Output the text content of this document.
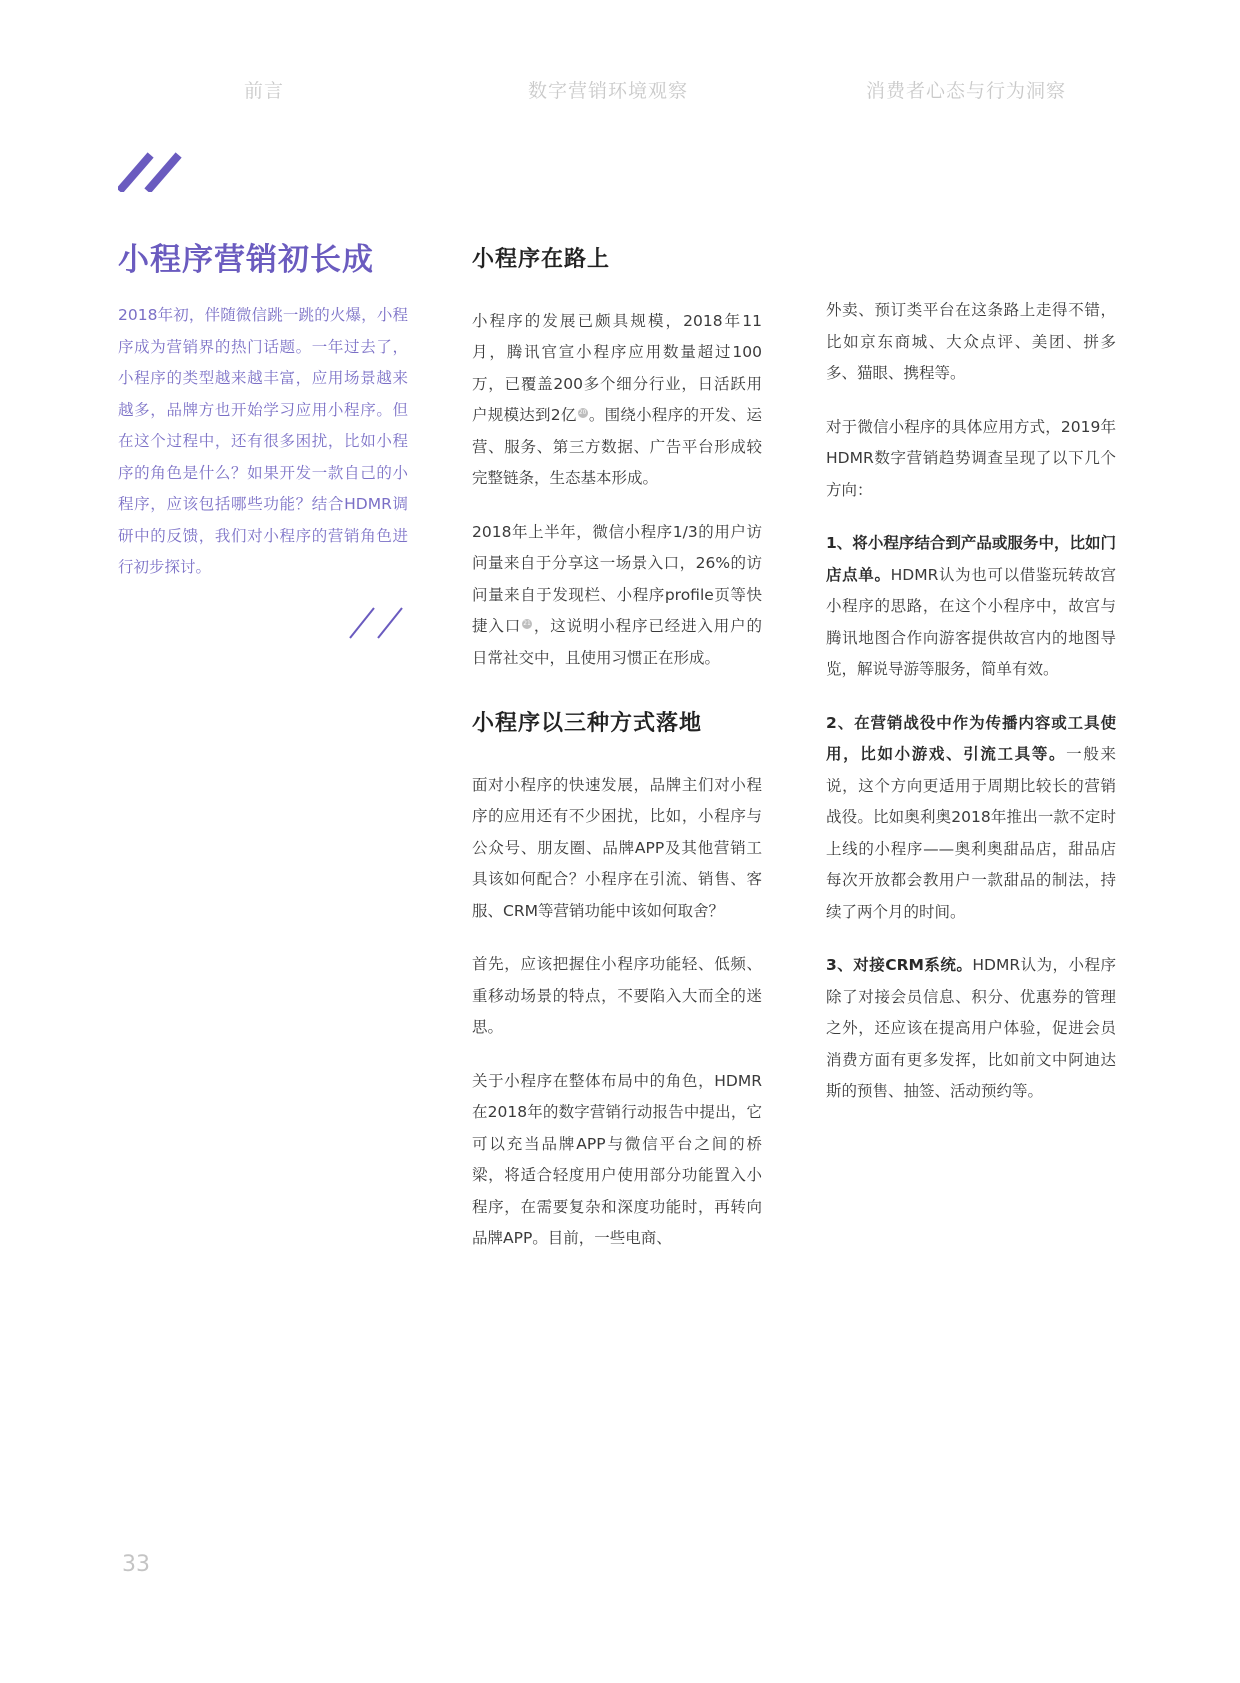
前言	数字营销环境观察	消费者心态与行为洞察
小程序营销初长成
2018年初，伴随微信跳一跳的火爆，小程序成为营销界的热门话题。一年过去了，小程序的类型越来越丰富，应用场景越来越多，品牌方也开始学习应用小程序。但在这个过程中，还有很多困扰，比如小程序的角色是什么？如果开发一款自己的小程序，应该包括哪些功能？结合HDMR调研中的反馈，我们对小程序的营销角色进行初步探讨。
小程序在路上

小程序的发展已颇具规模，2018年11月，腾讯官宣小程序应用数量超过100万，已覆盖200多个细分行业，日活跃用户规模达到2亿 20 。围绕小程序的开发、运营、服务、第三方数据、广告平台形成较完整链条，生态基本形成。

2018年上半年，微信小程序1/3的用户访问量来自于分享这一场景入口，26%的访问量来自于发现栏、小程序profile页等快捷入口 21 ，这说明小程序已经进入用户的日常社交中，且使用习惯正在形成。

小程序以三种方式落地

面对小程序的快速发展，品牌主们对小程序的应用还有不少困扰，比如，小程序与公众号、朋友圈、品牌APP及其他营销工具该如何配合？小程序在引流、销售、客服、CRM等营销功能中该如何取舍？

首先，应该把握住小程序功能轻、低频、重移动场景的特点，不要陷入大而全的迷思。

关于小程序在整体布局中的角色，HDMR在2018年的数字营销行动报告中提出，它可以充当品牌APP与微信平台之间的桥梁，将适合轻度用户使用部分功能置入小程序，在需要复杂和深度功能时，再转向品牌APP。目前，一些电商、

外卖、预订类平台在这条路上走得不错，比如京东商城、大众点评、美团、拼多多、猫眼、携程等。

对于微信小程序的具体应用方式，2019年HDMR数字营销趋势调查呈现了以下几个方向：

1、将小程序结合到产品或服务中，比如门店点单。HDMR认为也可以借鉴玩转故宫小程序的思路，在这个小程序中，故宫与腾讯地图合作向游客提供故宫内的地图导览，解说导游等服务，简单有效。

2、在营销战役中作为传播内容或工具使用，比如小游戏、引流工具等。一般来说，这个方向更适用于周期比较长的营销战役。比如奥利奥2018年推出一款不定时上线的小程序——奥利奥甜品店，甜品店每次开放都会教用户一款甜品的制法，持续了两个月的时间。

3、对接CRM系统。HDMR认为，小程序除了对接会员信息、积分、优惠券的管理之外，还应该在提高用户体验，促进会员消费方面有更多发挥，比如前文中阿迪达斯的预售、抽签、活动预约等。

33
